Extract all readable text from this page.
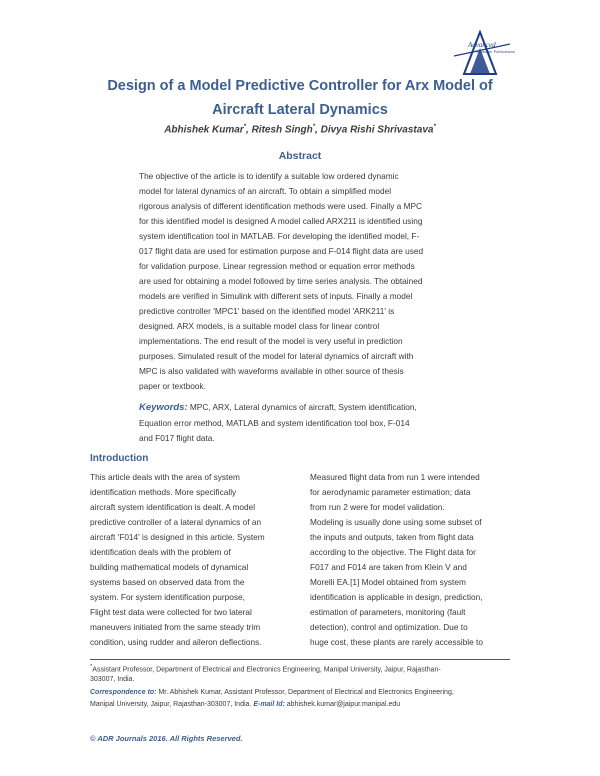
Advanced
Research Publications
Design of a Model Predictive Controller for Arx Model of
Aircraft Lateral Dynamics
Abhishek Kumar*, Ritesh Singh*, Divya Rishi Shrivastava*
Abstract
The objective of the article is to identify a suitable low ordered dynamic
model for lateral dynamics of an aircraft. To obtain a simplified model
rigorous analysis of different identification methods were used. Finally a MPC
for this identified model is designed A model called ARX211 is identified using
system identification tool in MATLAB. For developing the identified model, F-
017 flight data are used for estimation purpose and F-014 flight data are used
for validation purpose. Linear regression method or equation error methods
are used for obtaining a model followed by time series analysis. The obtained
models are verified in Simulink with different sets of inputs. Finally a model
predictive controller 'MPC1' based on the identified model 'ARK211' is
designed. ARX models, is a suitable model class for linear control
implementations. The end result of the model is very useful in prediction
purposes. Simulated result of the model for lateral dynamics of aircraft with
MPC is also validated with waveforms available in other source of thesis
paper or textbook.
Keywords: MPC, ARX, Lateral dynamics of aircraft, System identification,
Equation error method, MATLAB and system identification tool box, F-014
and F017 flight data.
Introduction
This article deals with the area of system
identification methods. More specifically
aircraft system identification is dealt. A model
predictive controller of a lateral dynamics of an
aircraft 'F014' is designed in this article. System
identification deals with the problem of
building mathematical models of dynamical
systems based on observed data from the
system. For system identification purpose,
Flight test data were collected for two lateral
maneuvers initiated from the same steady trim
condition, using rudder and aileron deflections.
Measured flight data from run 1 were intended
for aerodynamic parameter estimation; data
from run 2 were for model validation.
Modeling is usually done using some subset of
the inputs and outputs, taken from flight data
according to the objective. The Flight data for
F017 and F014 are taken from Klein V and
Morelli EA.[1] Model obtained from system
identification is applicable in design, prediction,
estimation of parameters, monitoring (fault
detection), control and optimization. Due to
huge cost, these plants are rarely accessible to
*Assistant Professor, Department of Electrical and Electronics Engineering, Manipal University, Jaipur, Rajasthan-
303007, India.
Correspondence to: Mr. Abhishek Kumar, Assistant Professor, Department of Electrical and Electronics Engineering,
Manipal University, Jaipur, Rajasthan-303007, India. E-mail Id: abhishek.kumar@jaipur.manipal.edu
© ADR Journals 2016. All Rights Reserved.
